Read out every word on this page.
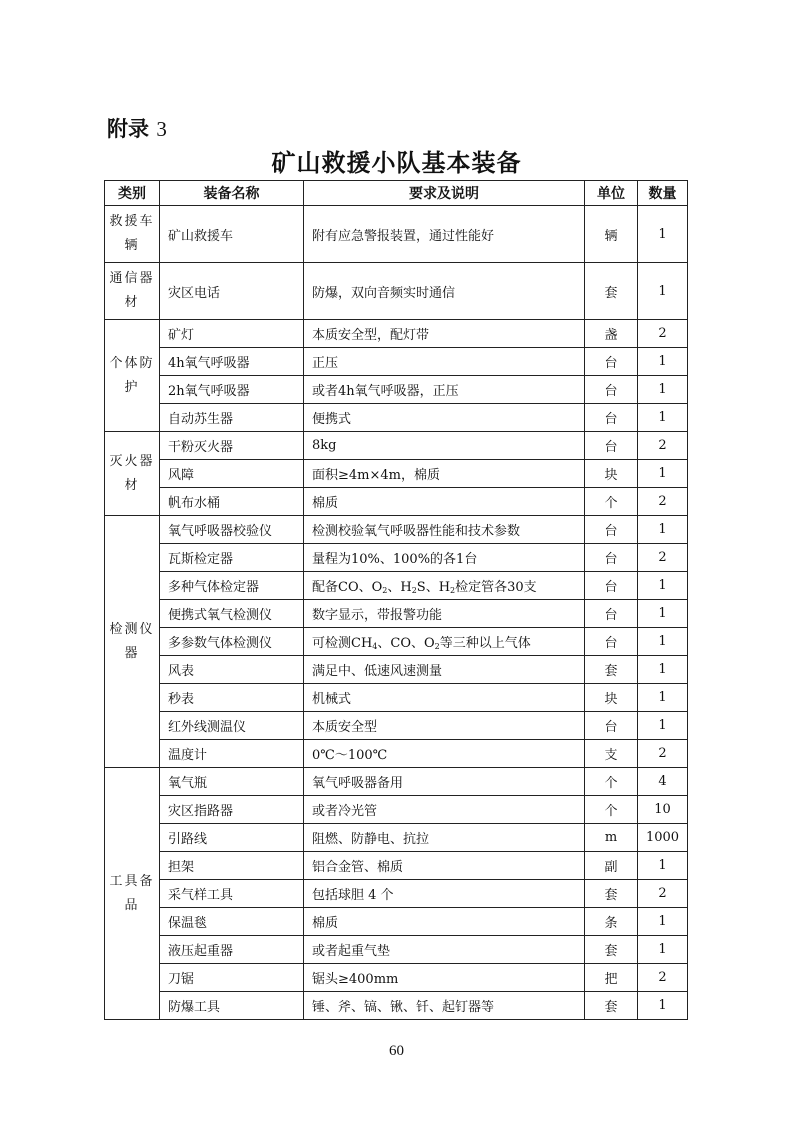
附录 3
矿山救援小队基本装备
类别	装备名称	要求及说明	单位	数量
救援车辆	矿山救援车	附有应急警报装置，通过性能好	辆	1
通信器材	灾区电话	防爆，双向音频实时通信	套	1
个体防护	矿灯	本质安全型，配灯带	盏	2
	4h氧气呼吸器	正压	台	1
	2h氧气呼吸器	或者4h氧气呼吸器，正压	台	1
	自动苏生器	便携式	台	1
灭火器材	干粉灭火器	8kg	台	2
	风障	面积≥4m×4m，棉质	块	1
	帆布水桶	棉质	个	2
检测仪器	氧气呼吸器校验仪	检测校验氧气呼吸器性能和技术参数	台	1
	瓦斯检定器	量程为10%、100%的各1台	台	2
	多种气体检定器	配备CO、$O_2$、$H_2S$、$H_2$检定管各30支	台	1
	便携式氧气检测仪	数字显示，带报警功能	台	1
	多参数气体检测仪	可检测$CH_4$、CO、$O_2$等三种以上气体	台	1
	风表	满足中、低速风速测量	套	1
	秒表	机械式	块	1
	红外线测温仪	本质安全型	台	1
	温度计	0℃～100℃	支	2
工具备品	氧气瓶	氧气呼吸器备用	个	4
	灾区指路器	或者冷光管	个	10
	引路线	阻燃、防静电、抗拉	m	1000
	担架	铝合金管、棉质	副	1
	采气样工具	包括球胆 4 个	套	2
	保温毯	棉质	条	1
	液压起重器	或者起重气垫	套	1
	刀锯	锯头≥400mm	把	2
	防爆工具	锤、斧、镐、锹、钎、起钉器等	套	1
60
